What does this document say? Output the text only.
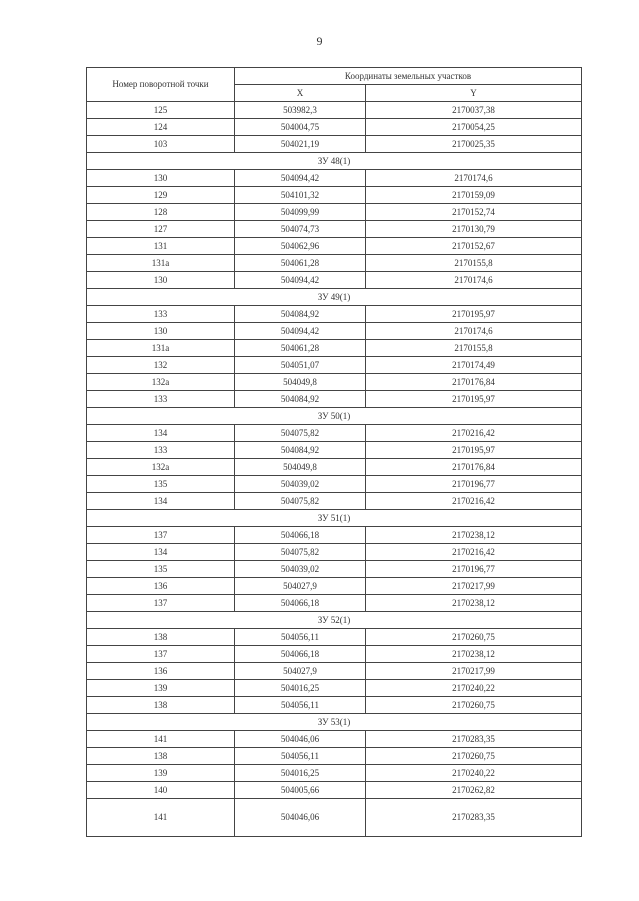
9
Номер поворотной точки	Координаты земельных участков	
	X	Y
125	503982,3	2170037,38
124	504004,75	2170054,25
103	504021,19	2170025,35
ЗУ 48(1)		
130	504094,42	2170174,6
129	504101,32	2170159,09
128	504099,99	2170152,74
127	504074,73	2170130,79
131	504062,96	2170152,67
131а	504061,28	2170155,8
130	504094,42	2170174,6
ЗУ 49(1)		
133	504084,92	2170195,97
130	504094,42	2170174,6
131а	504061,28	2170155,8
132	504051,07	2170174,49
132а	504049,8	2170176,84
133	504084,92	2170195,97
ЗУ 50(1)		
134	504075,82	2170216,42
133	504084,92	2170195,97
132а	504049,8	2170176,84
135	504039,02	2170196,77
134	504075,82	2170216,42
ЗУ 51(1)		
137	504066,18	2170238,12
134	504075,82	2170216,42
135	504039,02	2170196,77
136	504027,9	2170217,99
137	504066,18	2170238,12
ЗУ 52(1)		
138	504056,11	2170260,75
137	504066,18	2170238,12
136	504027,9	2170217,99
139	504016,25	2170240,22
138	504056,11	2170260,75
ЗУ 53(1)		
141	504046,06	2170283,35
138	504056,11	2170260,75
139	504016,25	2170240,22
140	504005,66	2170262,82
141	504046,06	2170283,35
